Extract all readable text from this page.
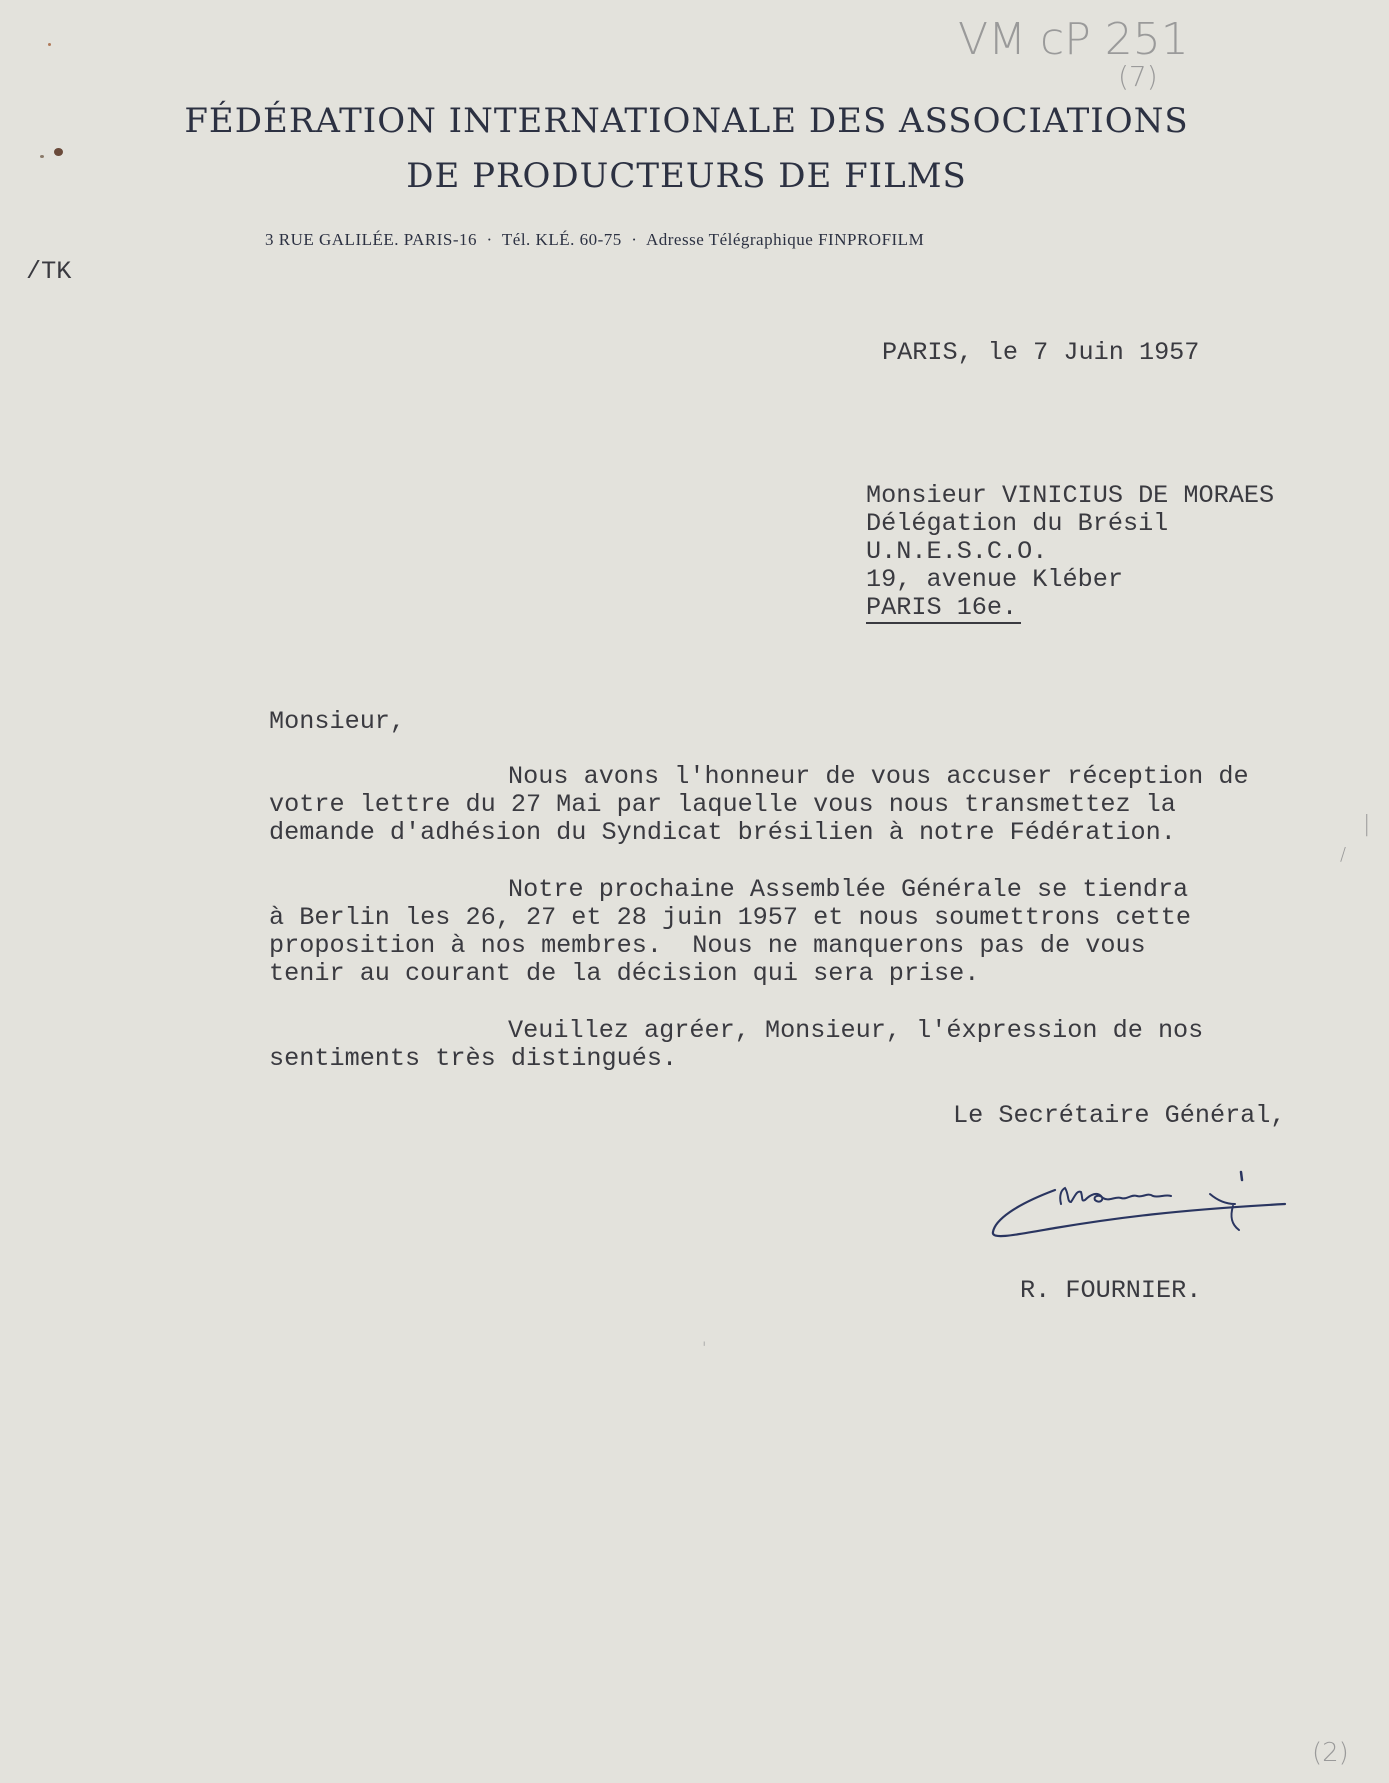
VM cP 251
(7)
(2)
FÉDÉRATION INTERNATIONALE DES ASSOCIATIONS
DE PRODUCTEURS DE FILMS
3 RUE GALILÉE. PARIS-16  ·  Tél. KLÉ. 60-75  ·  Adresse Télégraphique FINPROFILM
/TK
PARIS, le 7 Juin 1957
Monsieur VINICIUS DE MORAES
Délégation du Brésil
U.N.E.S.C.O.
19, avenue Kléber
PARIS 16e.
Monsieur,
Nous avons l'honneur de vous accuser réception de
votre lettre du 27 Mai par laquelle vous nous transmettez la
demande d'adhésion du Syndicat brésilien à notre Fédération.
Notre prochaine Assemblée Générale se tiendra
à Berlin les 26, 27 et 28 juin 1957 et nous soumettrons cette
proposition à nos membres.  Nous ne manquerons pas de vous
tenir au courant de la décision qui sera prise.
Veuillez agréer, Monsieur, l'éxpression de nos
sentiments très distingués.
Le Secrétaire Général,
R. FOURNIER.
|
/
'
